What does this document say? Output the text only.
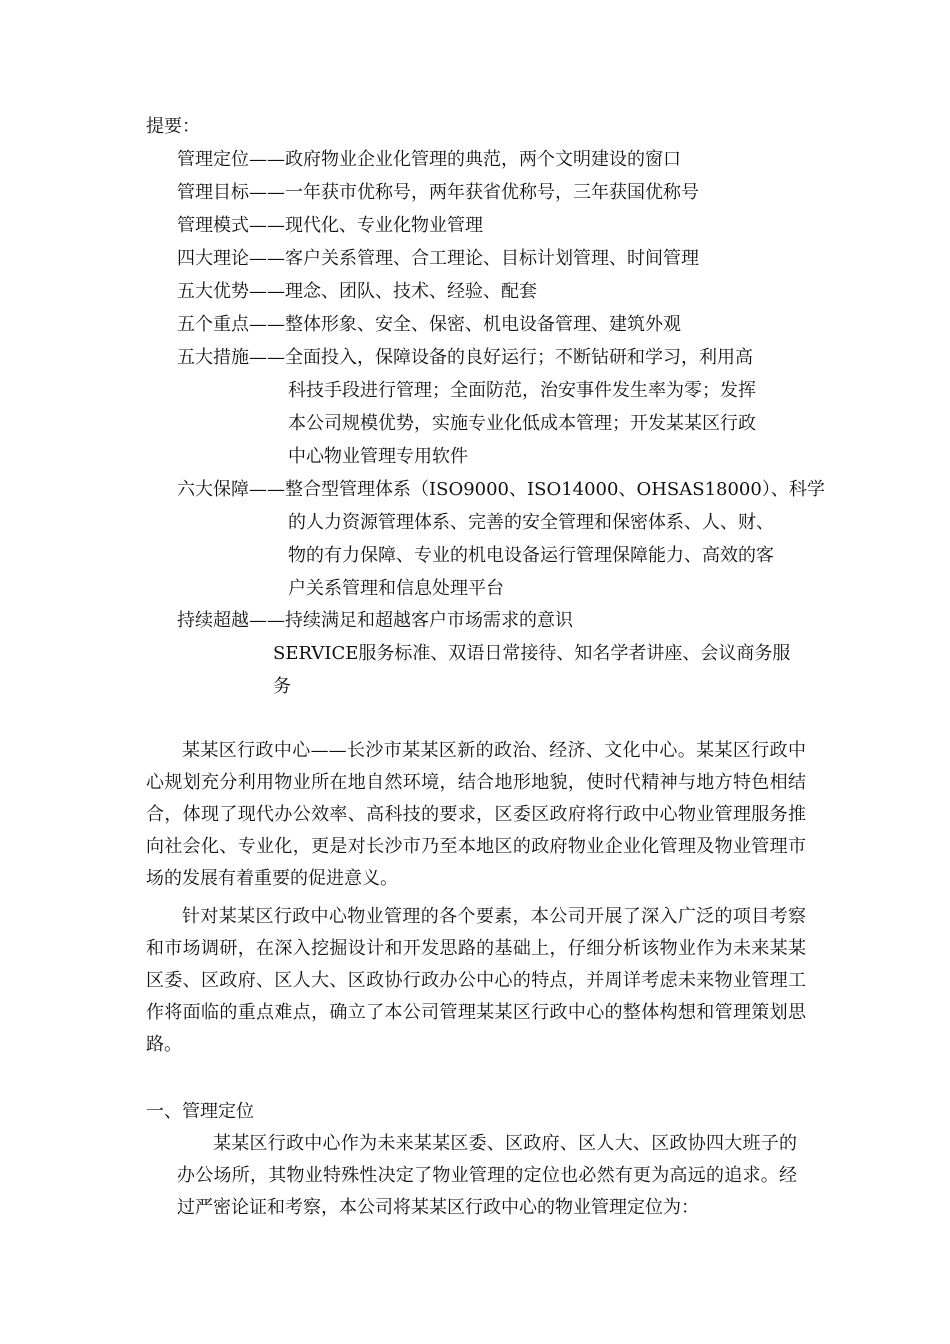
提要：
管理定位——政府物业企业化管理的典范，两个文明建设的窗口
管理目标——一年获市优称号，两年获省优称号，三年获国优称号
管理模式——现代化、专业化物业管理
四大理论——客户关系管理、合工理论、目标计划管理、时间管理
五大优势——理念、团队、技术、经验、配套
五个重点——整体形象、安全、保密、机电设备管理、建筑外观
五大措施——全面投入，保障设备的良好运行；不断钻研和学习，利用高
科技手段进行管理；全面防范，治安事件发生率为零；发挥
本公司规模优势，实施专业化低成本管理；开发某某区行政
中心物业管理专用软件
六大保障——整合型管理体系（ISO9000、ISO14000、OHSAS18000）、科学
的人力资源管理体系、完善的安全管理和保密体系、人、财、
物的有力保障、专业的机电设备运行管理保障能力、高效的客
户关系管理和信息处理平台
持续超越——持续满足和超越客户市场需求的意识
SERVICE服务标准、双语日常接待、知名学者讲座、会议商务服
务
某某区行政中心——长沙市某某区新的政治、经济、文化中心。某某区行政中心规划充分利用物业所在地自然环境，结合地形地貌，使时代精神与地方特色相结合，体现了现代办公效率、高科技的要求，区委区政府将行政中心物业管理服务推向社会化、专业化，更是对长沙市乃至本地区的政府物业企业化管理及物业管理市场的发展有着重要的促进意义。
针对某某区行政中心物业管理的各个要素，本公司开展了深入广泛的项目考察和市场调研，在深入挖掘设计和开发思路的基础上，仔细分析该物业作为未来某某区委、区政府、区人大、区政协行政办公中心的特点，并周详考虑未来物业管理工作将面临的重点难点，确立了本公司管理某某区行政中心的整体构想和管理策划思路。
一、管理定位
某某区行政中心作为未来某某区委、区政府、区人大、区政协四大班子的办公场所，其物业特殊性决定了物业管理的定位也必然有更为高远的追求。经过严密论证和考察，本公司将某某区行政中心的物业管理定位为：
